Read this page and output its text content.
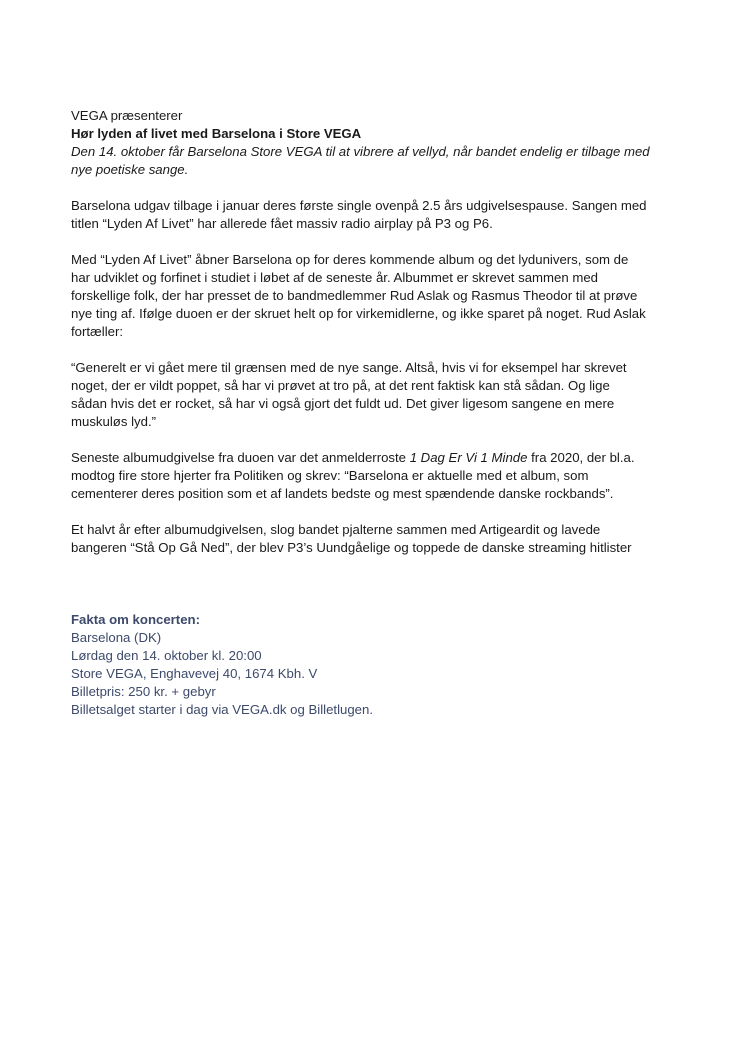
VEGA præsenterer
Hør lyden af livet med Barselona i Store VEGA
Den 14. oktober får Barselona Store VEGA til at vibrere af vellyd, når bandet endelig er tilbage med
nye poetiske sange.
Barselona udgav tilbage i januar deres første single ovenpå 2.5 års udgivelsespause. Sangen med
titlen “Lyden Af Livet” har allerede fået massiv radio airplay på P3 og P6.
Med “Lyden Af Livet” åbner Barselona op for deres kommende album og det lydunivers, som de
har udviklet og forfinet i studiet i løbet af de seneste år. Albummet er skrevet sammen med
forskellige folk, der har presset de to bandmedlemmer Rud Aslak og Rasmus Theodor til at prøve
nye ting af. Ifølge duoen er der skruet helt op for virkemidlerne, og ikke sparet på noget. Rud Aslak
fortæller:
“Generelt er vi gået mere til grænsen med de nye sange. Altså, hvis vi for eksempel har skrevet
noget, der er vildt poppet, så har vi prøvet at tro på, at det rent faktisk kan stå sådan. Og lige
sådan hvis det er rocket, så har vi også gjort det fuldt ud. Det giver ligesom sangene en mere
muskuløs lyd.”
Seneste albumudgivelse fra duoen var det anmelderroste 1 Dag Er Vi 1 Minde fra 2020, der bl.a.
modtog fire store hjerter fra Politiken og skrev: “Barselona er aktuelle med et album, som
cementerer deres position som et af landets bedste og mest spændende danske rockbands”.
Et halvt år efter albumudgivelsen, slog bandet pjalterne sammen med Artigeardit og lavede
bangeren “Stå Op Gå Ned”, der blev P3’s Uundgåelige og toppede de danske streaming hitlister
Fakta om koncerten:
Barselona (DK)
Lørdag den 14. oktober kl. 20:00
Store VEGA, Enghavevej 40, 1674 Kbh. V
Billetpris: 250 kr. + gebyr
Billetsalget starter i dag via VEGA.dk og Billetlugen.
